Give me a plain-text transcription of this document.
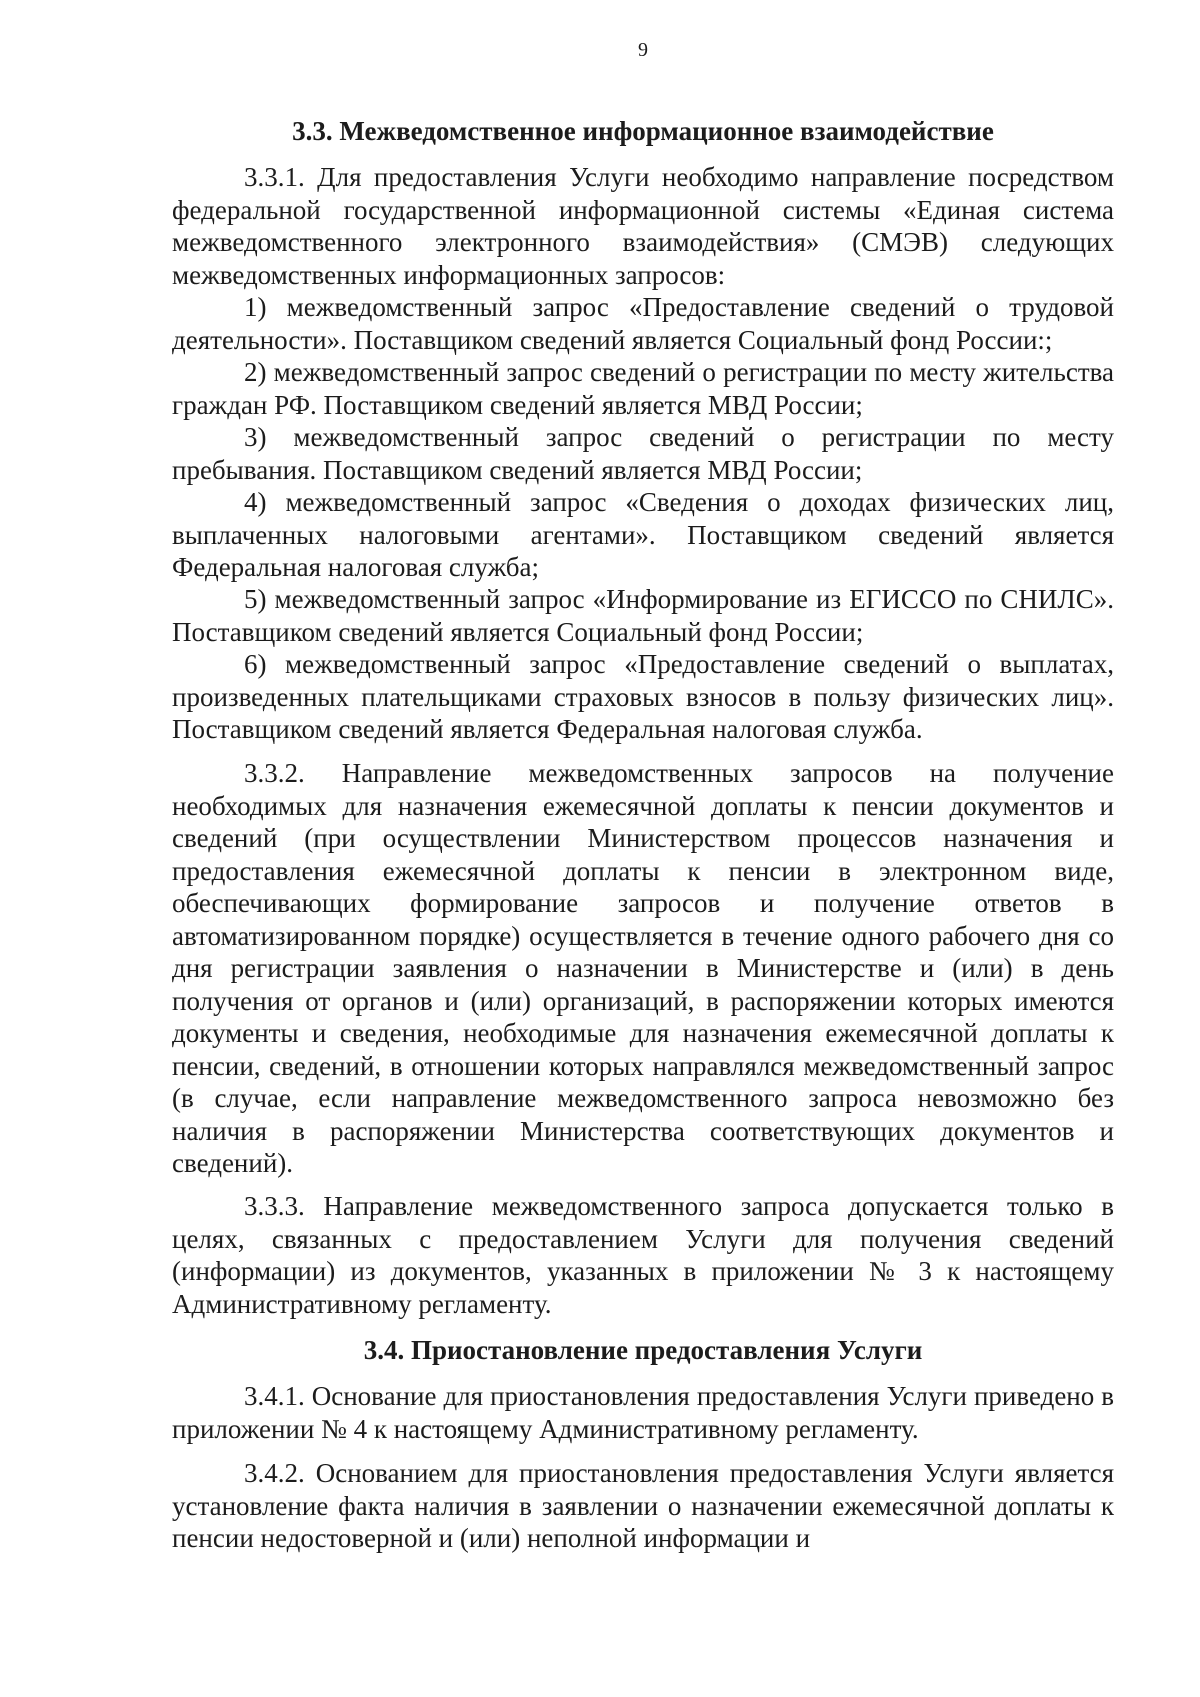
9
3.3. Межведомственное информационное взаимодействие

3.3.1. Для предоставления Услуги необходимо направление посредством федеральной государственной информационной системы «Единая система межведомственного электронного взаимодействия» (СМЭВ) следующих межведомственных информационных запросов:

1) межведомственный запрос «Предоставление сведений о трудовой деятельности». Поставщиком сведений является Социальный фонд России:;

2) межведомственный запрос сведений о регистрации по месту жительства граждан РФ. Поставщиком сведений является МВД России;

3) межведомственный запрос сведений о регистрации по месту пребывания. Поставщиком сведений является МВД России;

4) межведомственный запрос «Сведения о доходах физических лиц, выплаченных налоговыми агентами». Поставщиком сведений является Федеральная налоговая служба;

5) межведомственный запрос «Информирование из ЕГИССО по СНИЛС». Поставщиком сведений является Социальный фонд России;

6) межведомственный запрос «Предоставление сведений о выплатах, произведенных плательщиками страховых взносов в пользу физических лиц». Поставщиком сведений является Федеральная налоговая служба.

3.3.2. Направление межведомственных запросов на получение необходимых для назначения ежемесячной доплаты к пенсии документов и сведений (при осуществлении Министерством процессов назначения и предоставления ежемесячной доплаты к пенсии в электронном виде, обеспечивающих формирование запросов и получение ответов в автоматизированном порядке) осуществляется в течение одного рабочего дня со дня регистрации заявления о назначении в Министерстве и (или) в день получения от органов и (или) организаций, в распоряжении которых имеются документы и сведения, необходимые для назначения ежемесячной доплаты к пенсии, сведений, в отношении которых направлялся межведомственный запрос (в случае, если направление межведомственного запроса невозможно без наличия в распоряжении Министерства соответствующих документов и сведений).

3.3.3. Направление межведомственного запроса допускается только в целях, связанных с предоставлением Услуги для получения сведений (информации) из документов, указанных в приложении № 3 к настоящему Административному регламенту.

3.4. Приостановление предоставления Услуги

3.4.1. Основание для приостановления предоставления Услуги приведено в приложении № 4 к настоящему Административному регламенту.

3.4.2. Основанием для приостановления предоставления Услуги является установление факта наличия в заявлении о назначении ежемесячной доплаты к пенсии недостоверной и (или) неполной информации и
